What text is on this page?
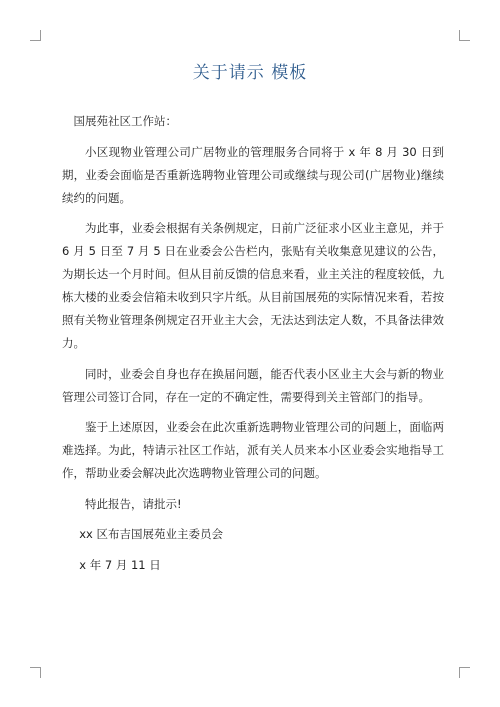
关于请示 模板

国展苑社区工作站：

小区现物业管理公司广居物业的管理服务合同将于 x 年 8 月 30 日到期，业委会面临是否重新选聘物业管理公司或继续与现公司(广居物业)继续续约的问题。

为此事，业委会根据有关条例规定，日前广泛征求小区业主意见，并于 6 月 5 日至 7 月 5 日在业委会公告栏内，张贴有关收集意见建议的公告，为期长达一个月时间。但从目前反馈的信息来看，业主关注的程度较低，九栋大楼的业委会信箱未收到只字片纸。从目前国展苑的实际情况来看，若按照有关物业管理条例规定召开业主大会，无法达到法定人数，不具备法律效力。

同时，业委会自身也存在换届问题，能否代表小区业主大会与新的物业管理公司签订合同，存在一定的不确定性，需要得到关主管部门的指导。

鉴于上述原因，业委会在此次重新选聘物业管理公司的问题上，面临两难选择。为此，特请示社区工作站，派有关人员来本小区业委会实地指导工作，帮助业委会解决此次选聘物业管理公司的问题。

特此报告，请批示!

xx 区布吉国展苑业主委员会

x 年 7 月 11 日
